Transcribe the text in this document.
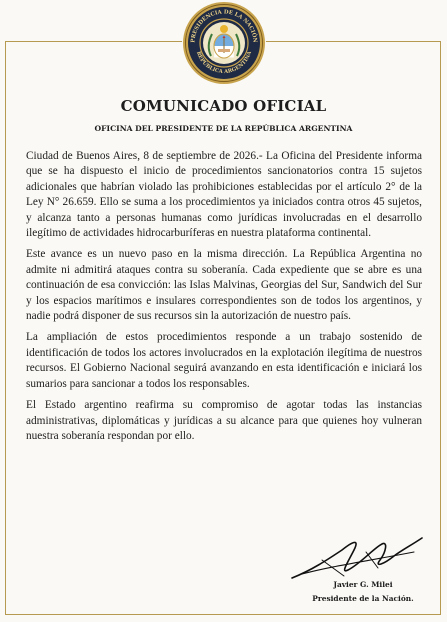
PRESIDENCIA DE LA NACIÓN
REPÚBLICA ARGENTINA
COMUNICADO OFICIAL
OFICINA DEL PRESIDENTE DE LA REPÚBLICA ARGENTINA

Ciudad de Buenos Aires, 8 de septiembre de 2026.- La Oficina del Presidente informa que se ha dispuesto el inicio de procedimientos sancionatorios contra 15 sujetos adicionales que habrían violado las prohibiciones establecidas por el artículo 2° de la Ley N° 26.659. Ello se suma a los procedimientos ya iniciados contra otros 45 sujetos, y alcanza tanto a personas humanas como jurídicas involucradas en el desarrollo ilegítimo de actividades hidrocarburíferas en nuestra plataforma continental.

Este avance es un nuevo paso en la misma dirección. La República Argentina no admite ni admitirá ataques contra su soberanía. Cada expediente que se abre es una continuación de esa convicción: las Islas Malvinas, Georgias del Sur, Sandwich del Sur y los espacios marítimos e insulares correspondientes son de todos los argentinos, y nadie podrá disponer de sus recursos sin la autorización de nuestro país.

La ampliación de estos procedimientos responde a un trabajo sostenido de identificación de todos los actores involucrados en la explotación ilegítima de nuestros recursos. El Gobierno Nacional seguirá avanzando en esta identificación e iniciará los sumarios para sancionar a todos los responsables.

El Estado argentino reafirma su compromiso de agotar todas las instancias administrativas, diplomáticas y jurídicas a su alcance para que quienes hoy vulneran nuestra soberanía respondan por ello.

Javier G. Milei
Presidente de la Nación.
